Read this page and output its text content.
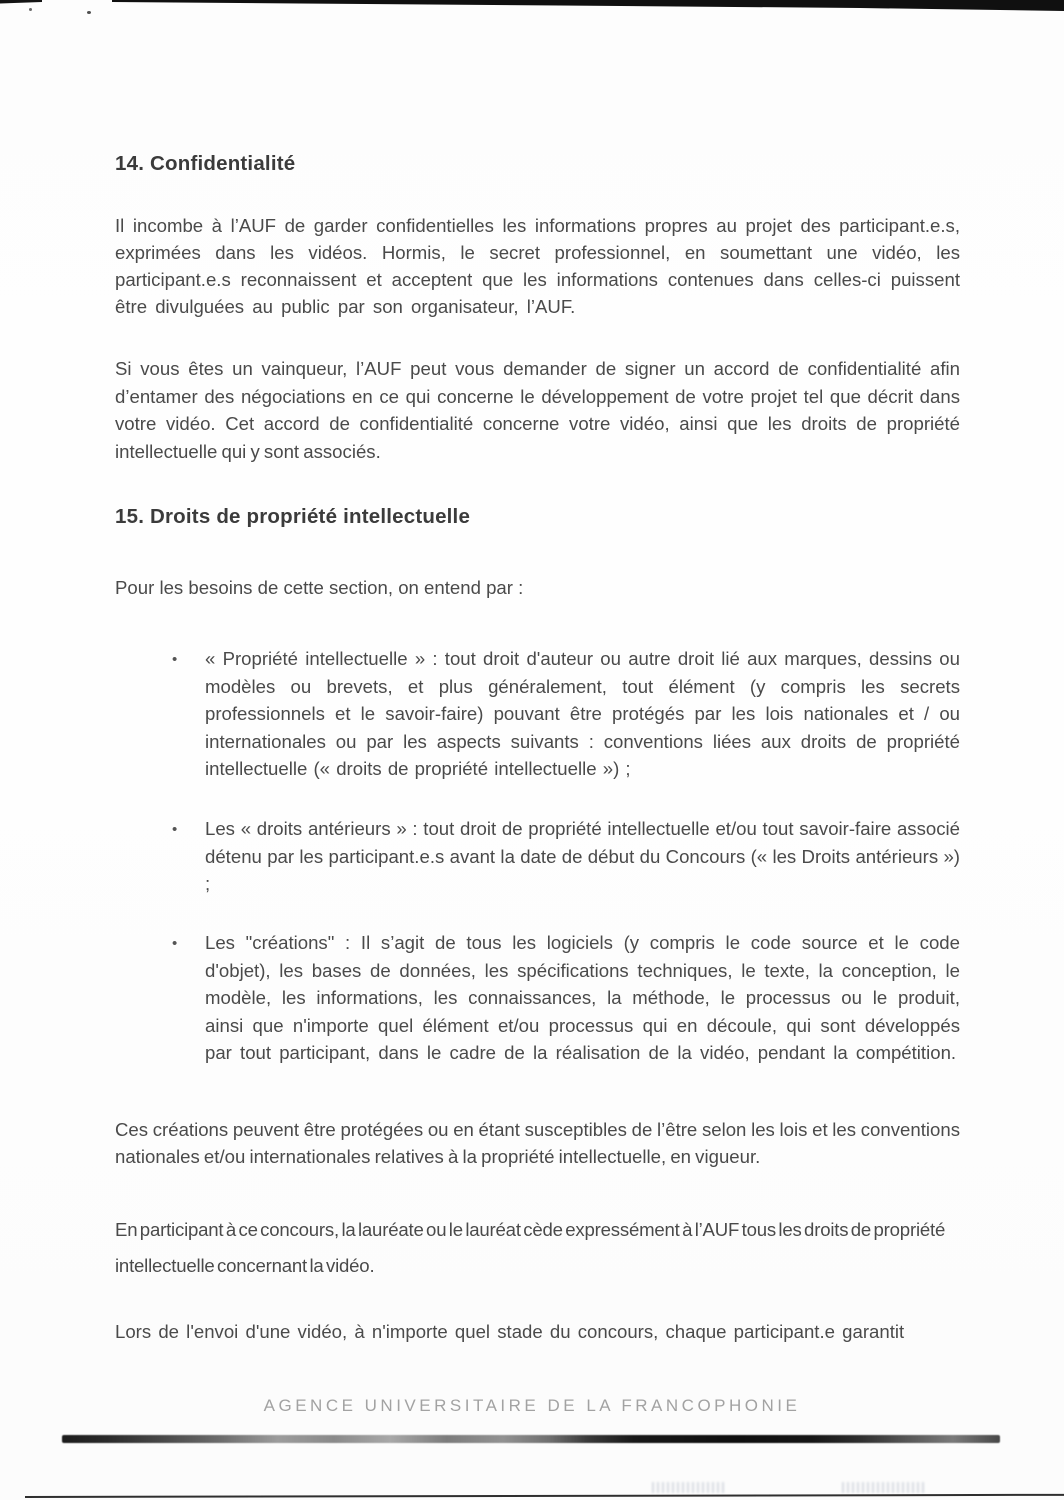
14. Confidentialité
Il incombe à l’AUF de garder confidentielles les informations propres au projet des participant.e.s, exprimées dans les vidéos. Hormis, le secret professionnel, en soumettant une vidéo, les participant.e.s reconnaissent et acceptent que les informations contenues dans celles-ci puissent être divulguées au public par son organisateur, l’AUF.
Si vous êtes un vainqueur, l’AUF peut vous demander de signer un accord de confidentialité afin d’entamer des négociations en ce qui concerne le développement de votre projet tel que décrit dans votre vidéo. Cet accord de confidentialité concerne votre vidéo, ainsi que les droits de propriété intellectuelle qui y sont associés.
15. Droits de propriété intellectuelle
Pour les besoins de cette section, on entend par :
• « Propriété intellectuelle » : tout droit d'auteur ou autre droit lié aux marques, dessins ou modèles ou brevets, et plus généralement, tout élément (y compris les secrets professionnels et le savoir-faire) pouvant être protégés par les lois nationales et / ou internationales ou par les aspects suivants : conventions liées aux droits de propriété intellectuelle (« droits de propriété intellectuelle ») ;
• Les « droits antérieurs » : tout droit de propriété intellectuelle et/ou tout savoir-faire associé détenu par les participant.e.s avant la date de début du Concours (« les Droits antérieurs ») ;
• Les "créations" : Il s’agit de tous les logiciels (y compris le code source et le code d'objet), les bases de données, les spécifications techniques, le texte, la conception, le modèle, les informations, les connaissances, la méthode, le processus ou le produit, ainsi que n'importe quel élément et/ou processus qui en découle, qui sont développés par tout participant, dans le cadre de la réalisation de la vidéo, pendant la compétition.
Ces créations peuvent être protégées ou en étant susceptibles de l’être selon les lois et les conventions nationales et/ou internationales relatives à la propriété intellectuelle, en vigueur.
En participant à ce concours, la lauréate ou le lauréat cède expressément à l’AUF tous les droits de propriété intellectuelle concernant la vidéo.
Lors de l'envoi d'une vidéo, à n'importe quel stade du concours, chaque participant.e garantit
AGENCE UNIVERSITAIRE DE LA FRANCOPHONIE
